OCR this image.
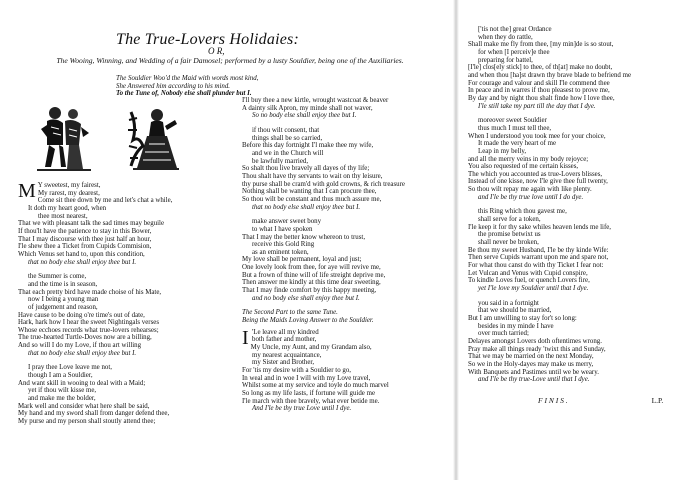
The True-Lovers Holidaies:
O R,
The Wooing, Winning, and Wedding of a fair Damosel; performed by a lusty Souldier, being one of the Auxiliaries.
The Souldier Woo'd the Maid with words most kind,
She Answered him according to his mind.
To the Tune of, Nobody else shall plunder but I.
M Y sweetest, my fairest,
My rarest, my dearest,
Come sit thee down by me and let's chat a while,
It doth my heart good, when
thee most nearest,
That we with pleasant talk the sad times may beguile
If thou'lt have the patience to stay in this Bower,
That I may discourse with thee just half an hour,
I'le shew thee a Ticket from Cupids Commision,
Which Venus set hand to, upon this condition,
that no body else shall enjoy thee but I.
the Summer is come,
and the time is in season,
That each pretty bird have made choise of his Mate,
now I being a young man
of judgement and reason,
Have cause to be doing o're time's out of date,
Hark, hark how I hear the sweet Nightingals verses
Whose ecchoes records what true-lovers rehearses;
The true-hearted Turtle-Doves now are a billing,
And so will I do my Love, if thou art willing
that no body else shall enjoy thee but I.
I pray thee Love leave me not,
though I am a Souldier,
And want skill in wooing to deal with a Maid;
yet if thou wilt kisse me,
and make me the bolder,
Mark well and consider what here shall be said,
My hand and my sword shall from danger defend thee,
My purse and my person shall stoutly attend thee;
I'll buy thee a new kirtle, wrought wastcoat & beaver
A dainty silk Apron, my minde shall not waver,
So no body else shall enjoy thee but I.
if thou wilt consent, that
things shall be so carried,
Before this day fortnight I'l make thee my wife,
and we in the Church will
be lawfully married,
So shalt thou live bravely all dayes of thy life;
Thou shalt have thy servants to wait on thy leisure,
thy purse shall be cram'd with gold crowns, & rich treasure
Nothing shall be wanting that I can procure thee,
So thou wilt be constant and thus much assure me,
that no body else shall enjoy thee but I.
make answer sweet bony
to what I have spoken
That I may the better know whereon to trust,
receive this Gold Ring
as an eminent token,
My love shall be permanent, loyal and just;
One lovely look from thee, for aye will revive me,
But a frown of thine will of life streight deprive me,
Then answer me kindly at this time dear sweeting,
That I may finde comfort by this happy meeting,
and no body else shall enjoy thee but I.
The Second Part to the same Tune.
Being the Maids Loving Answer to the Souldier.
I 'Le leave all my kindred
both father and mother,
My Uncle, my Aunt, and my Grandam also,
my nearest acquaintance,
my Sister and Brother,
For 'tis my desire with a Souldier to go,
In weal and in woe I will with my Love travel,
Whilst some at my service and toyle do much marvel
So long as my life lasts, if fortune will guide me
I'le march with thee bravely, what ever betide me.
And I'le be thy true Love until I dye.
['tis not the] great Ordance
when they do rattle,
Shall make me fly from thee, [my min]de is so stout,
for when [I perceiv]e thee
preparing for battel,
[I'le] clos[ely stick] to thee, of th[at] make no doubt,
and when thou [ha]st drawn thy brave blade to befriend me
For courage and valour and skill I'le commend thee
In peace and in warres if thou pleasest to prove me,
By day and by night thou shalt finde how I love thee,
I'le still take my part till the day that I dye.
moreover sweet Souldier
thus much I must tell thee,
When I understood you took mee for your choice,
It made the very heart of me
Leap in my belly,
and all the merry veins in my body rejoyce;
You also requested of me certain kisses,
The which you accounted as true-Lovers blisses,
Instead of one kisse, now I'le give thee full twenty,
So thou wilt repay me again with like plenty.
and I'le be thy true love until I do dye.
this Ring which thou gavest me,
shall serve for a token,
I'le keep it for thy sake whiles heaven lends me life,
the promise betwixt us
shall never be broken,
Be thou my sweet Husband, I'le be thy kinde Wife:
Then serve Cupids warrant upon me and spare not,
For what thou canst do with thy Ticket I fear not:
Let Vulcan and Venus with Cupid conspire,
To kindle Loves fuel, or quench Lovers fire,
yet I'le love my Souldier until that I dye.
you said in a fortnight
that we should be married,
But I am unwilling to stay for't so long:
besides in my minde I have
over much tarried;
Delayes amongst Lovers doth oftentimes wrong.
Pray make all things ready 'twixt this and Sunday,
That we may be married on the next Monday,
So we in the Holy-dayes may make us merry,
With Banquets and Pastimes until we be weary.
and I'le be thy true-Love until that I dye.
F I N I S .	L.P.
